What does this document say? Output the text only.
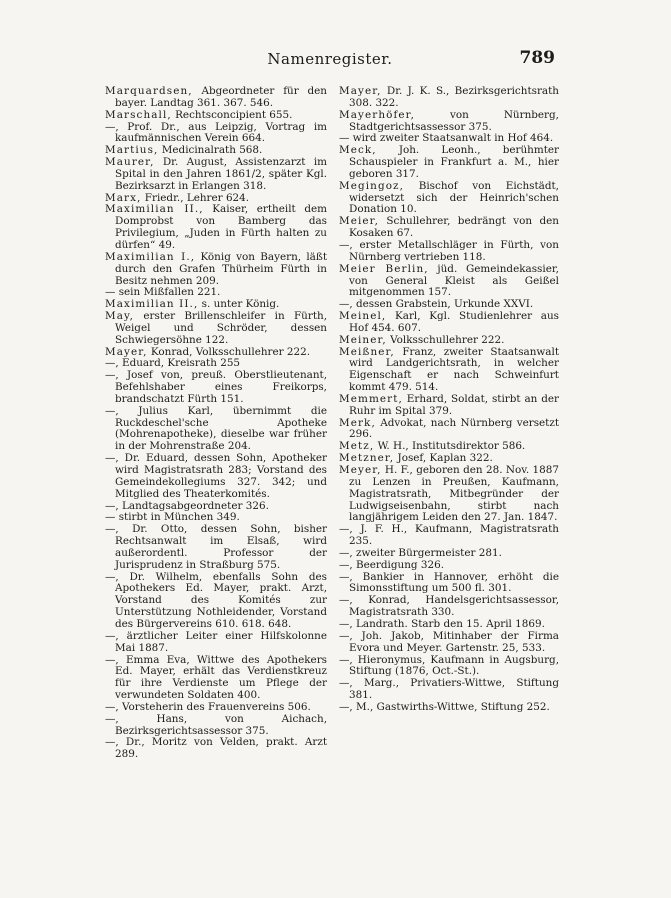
Namenregister.	789

Marquardsen, Abgeordneter für den bayer. Landtag 361. 367. 546.

Marschall, Rechtsconcipient 655.

—, Prof. Dr., aus Leipzig, Vortrag im kaufmännischen Verein 664.

Martius, Medicinalrath 568.

Maurer, Dr. August, Assistenzarzt im Spital in den Jahren 1861/2, später Kgl. Bezirksarzt in Erlangen 318.

Marx, Friedr., Lehrer 624.

Maximilian II., Kaiser, ertheilt dem Domprobst von Bamberg das Privilegium, „Juden in Fürth halten zu dürfen“ 49.

Maximilian I., König von Bayern, läßt durch den Grafen Thürheim Fürth in Besitz nehmen 209.

— sein Mißfallen 221.

Maximilian II., s. unter König.

May, erster Brillenschleifer in Fürth, Weigel und Schröder, dessen Schwiegersöhne 122.

Mayer, Konrad, Volksschullehrer 222.

—, Eduard, Kreisrath 255

—, Josef von, preuß. Oberstlieutenant, Befehlshaber eines Freikorps, brandschatzt Fürth 151.

—, Julius Karl, übernimmt die Ruckdeschel'sche Apotheke (Mohrenapotheke), dieselbe war früher in der Mohrenstraße 204.

—, Dr. Eduard, dessen Sohn, Apotheker wird Magistratsrath 283; Vorstand des Gemeindekollegiums 327. 342; und Mitglied des Theaterkomités.

—, Landtagsabgeordneter 326.

— stirbt in München 349.

—, Dr. Otto, dessen Sohn, bisher Rechtsanwalt im Elsaß, wird außerordentl. Professor der Jurisprudenz in Straßburg 575.

—, Dr. Wilhelm, ebenfalls Sohn des Apothekers Ed. Mayer, prakt. Arzt, Vorstand des Komités zur Unterstützung Nothleidender, Vorstand des Bürgervereins 610. 618. 648.

—, ärztlicher Leiter einer Hilfskolonne Mai 1887.

—, Emma Eva, Wittwe des Apothekers Ed. Mayer, erhält das Verdienstkreuz für ihre Verdienste um Pflege der verwundeten Soldaten 400.

—, Vorsteherin des Frauenvereins 506.

—, Hans, von Aichach, Bezirksgerichtsassessor 375.

—, Dr., Moritz von Velden, prakt. Arzt 289.

Mayer, Dr. J. K. S., Bezirksgerichtsrath 308. 322.

Mayerhöfer,	von Nürnberg, Stadtgerichtsassessor 375.

— wird zweiter Staatsanwalt in Hof 464.

Meck, Joh. Leonh., berühmter Schauspieler in Frankfurt a. M., hier geboren 317.

Megingoz, Bischof von Eichstädt, widersetzt sich der Heinrich'schen Donation 10.

Meier, Schullehrer, bedrängt von den Kosaken 67.

—, erster Metallschläger in Fürth, von Nürnberg vertrieben 118.

Meier Berlin, jüd. Gemeindekassier, von General Kleist als Geißel mitgenommen 157.

—, dessen Grabstein, Urkunde XXVI.

Meinel, Karl, Kgl. Studienlehrer aus Hof 454. 607.

Meiner, Volksschullehrer 222.

Meißner, Franz, zweiter Staatsanwalt wird Landgerichtsrath, in welcher Eigenschaft er nach Schweinfurt kommt 479. 514.

Memmert, Erhard, Soldat, stirbt an der Ruhr im Spital 379.

Merk, Advokat, nach Nürnberg versetzt 296.

Metz, W. H., Institutsdirektor 586.

Metzner, Josef, Kaplan 322.

Meyer, H. F., geboren den 28. Nov. 1887 zu Lenzen in Preußen, Kaufmann, Magistratsrath, Mitbegründer der Ludwigseisenbahn, stirbt nach langjährigem Leiden den 27. Jan. 1847.

—, J. F. H., Kaufmann, Magistratsrath 235.

—, zweiter Bürgermeister 281.

—, Beerdigung 326.

—, Bankier in Hannover, erhöht die Simonsstiftung um 500 fl. 301.

—, Konrad, Handelsgerichtsassessor, Magistratsrath 330.

—, Landrath. Starb den 15. April 1869.

—, Joh. Jakob, Mitinhaber der Firma Evora und Meyer. Gartenstr. 25, 533.

—, Hieronymus, Kaufmann in Augsburg, Stiftung (1876, Oct.-St.).

—, Marg., Privatiers-Wittwe, Stiftung 381.

—, M., Gastwirths-Wittwe, Stiftung 252.
